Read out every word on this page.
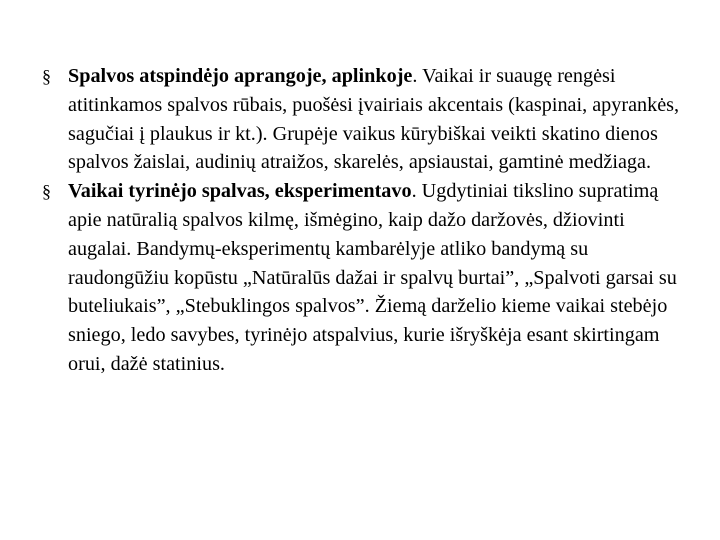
§ Spalvos atspindėjo aprangoje, aplinkoje. Vaikai ir suaugę rengėsi atitinkamos spalvos rūbais, puošėsi įvairiais akcentais (kaspinai, apyrankės, sagučiai į plaukus ir kt.). Grupėje vaikus kūrybiškai veikti skatino dienos spalvos žaislai, audinių atraižos, skarelės, apsiaustai, gamtinė medžiaga.
§ Vaikai tyrinėjo spalvas, eksperimentavo. Ugdytiniai tikslino supratimą apie natūralią spalvos kilmę, išmėgino, kaip dažo daržovės, džiovinti augalai. Bandymų-eksperimentų kambarėlyje atliko bandymą su raudongūžiu kopūstu „Natūralūs dažai ir spalvų burtai”, „Spalvoti garsai su buteliukais”, „Stebuklingos spalvos”. Žiemą darželio kieme vaikai stebėjo sniego, ledo savybes, tyrinėjo atspalvius, kurie išryškėja esant skirtingam orui, dažė statinius.
